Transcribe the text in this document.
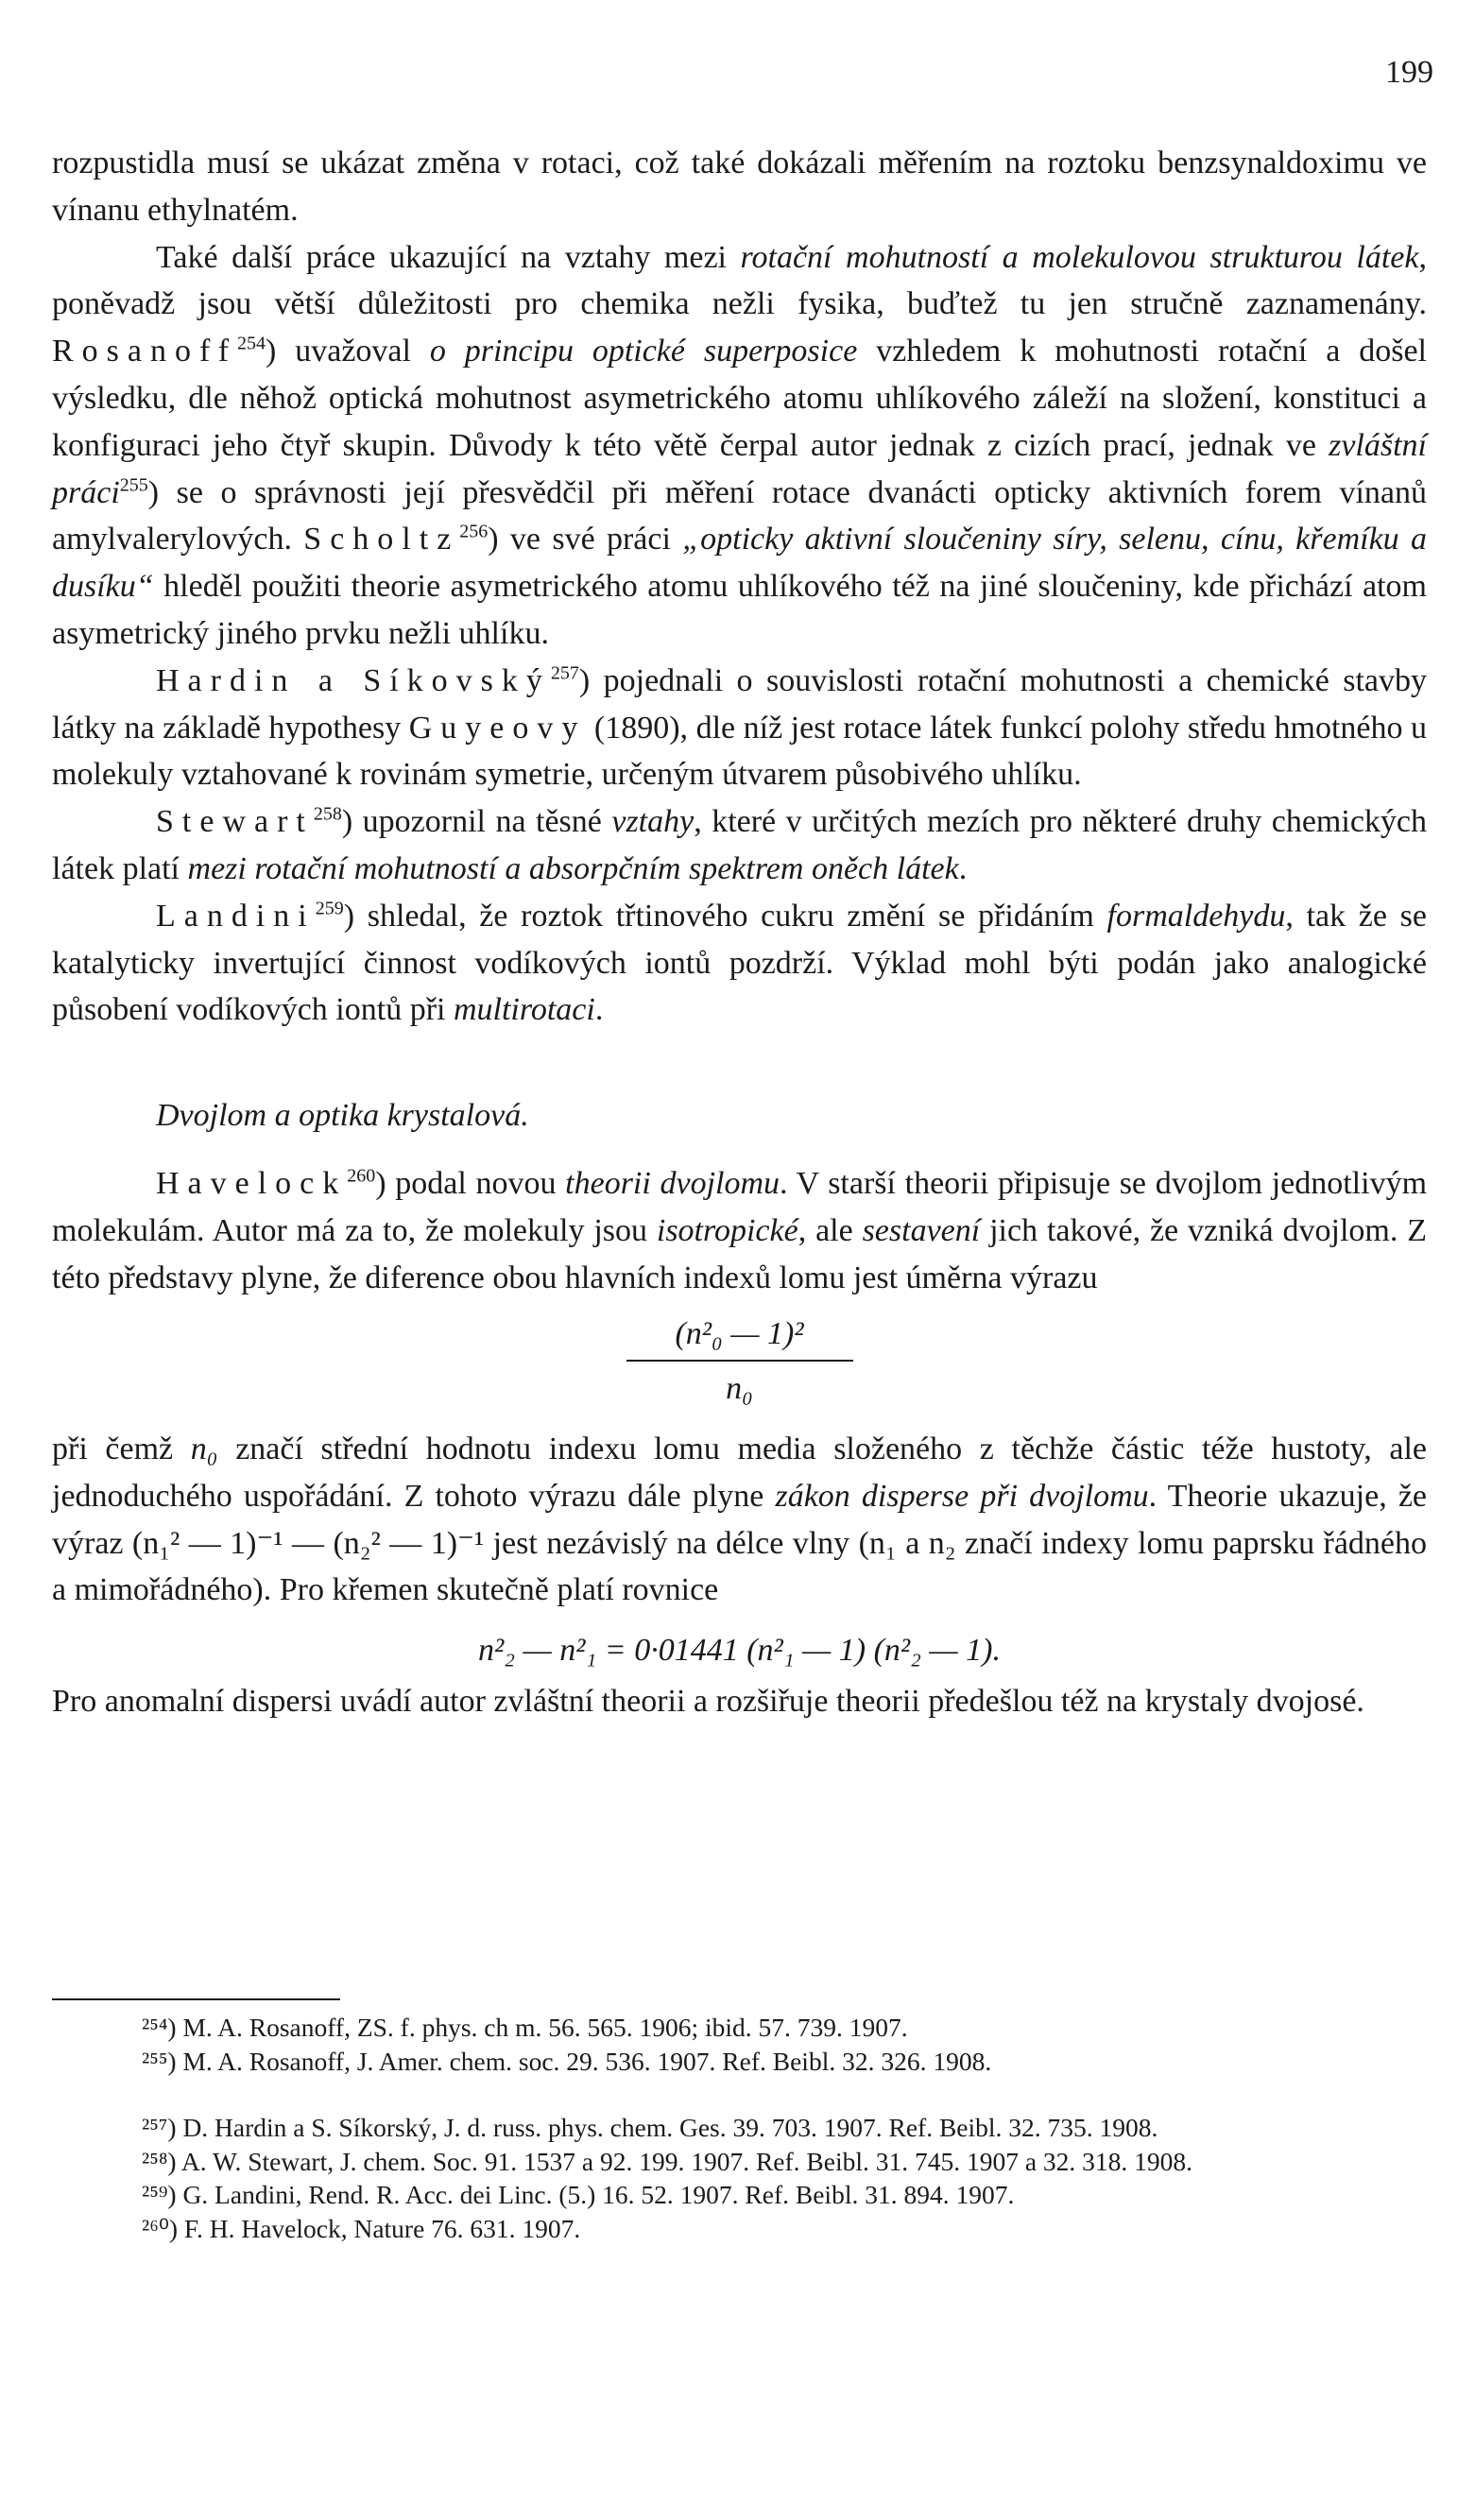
199

rozpustidla musí se ukázat změna v rotaci, což také dokázali měřením na roztoku benzsynaldoximu ve vínanu ethylnatém.

Také další práce ukazující na vztahy mezi rotační mohutností a molekulovou strukturou látek, poněvadž jsou větší důležitosti pro chemika nežli fysika, buďtež tu jen stručně zaznamenány. Rosanoff$^{254}$) uvažoval o principu optické superposice vzhledem k mohutnosti rotační a došel výsledku, dle něhož optická mohutnost asymetrického atomu uhlíkového záleží na složení, konstituci a konfiguraci jeho čtyř skupin. Důvody k této větě čerpal autor jednak z cizích prací, jednak ve zvláštní práci$^{255}$) se o správnosti její přesvědčil při měření rotace dvanácti opticky aktivních forem vínanů amylvalerylových. Scholtz$^{256}$) ve své práci „opticky aktivní sloučeniny síry, selenu, cínu, křemíku a dusíku“ hleděl použiti theorie asymetrického atomu uhlíkového též na jiné sloučeniny, kde přichází atom asymetrický jiného prvku nežli uhlíku.

Hardin a Síkovský$^{257}$) pojednali o souvislosti rotační mohutnosti a chemické stavby látky na základě hypothesy Guyeovy (1890), dle níž jest rotace látek funkcí polohy středu hmotného u molekuly vztahované k rovinám symetrie, určeným útvarem působivého uhlíku.

Stewart$^{258}$) upozornil na těsné vztahy, které v určitých mezích pro některé druhy chemických látek platí mezi rotační mohutností a absorpčním spektrem oněch látek.

Landini$^{259}$) shledal, že roztok třtinového cukru změní se přidáním formaldehydu, tak že se katalyticky invertující činnost vodíkových iontů pozdrží. Výklad mohl býti podán jako analogické působení vodíkových iontů při multirotaci.

Dvojlom a optika krystalová.

Havelock$^{260}$) podal novou theorii dvojlomu. V starší theorii připisuje se dvojlom jednotlivým molekulám. Autor má za to, že molekuly jsou isotropické, ale sestavení jich takové, že vzniká dvojlom. Z této představy plyne, že diference obou hlavních indexů lomu jest úměrna výrazu

(n²₀ — 1)²
n₀

při čemž n₀ značí střední hodnotu indexu lomu media složeného z těchže částic téže hustoty, ale jednoduchého uspořádání. Z tohoto výrazu dále plyne zákon disperse při dvojlomu. Theorie ukazuje, že výraz (n₁² — 1)⁻¹ — (n₂² — 1)⁻¹ jest nezávislý na délce vlny (n₁ a n₂ značí indexy lomu paprsku řádného a mimořádného). Pro křemen skutečně platí rovnice

n²₂ — n²₁ = 0·01441 (n²₁ — 1) (n²₂ — 1).

Pro anomalní dispersi uvádí autor zvláštní theorii a rozšiřuje theorii předešlou též na krystaly dvojosé.

²⁵⁴) M. A. Rosanoff, ZS. f. phys. ch m. 56. 565. 1906; ibid. 57. 739. 1907.

²⁵⁵) M. A. Rosanoff, J. Amer. chem. soc. 29. 536. 1907. Ref. Beibl. 32. 326. 1908.

²⁵⁷) D. Hardin a S. Síkorský, J. d. russ. phys. chem. Ges. 39. 703. 1907. Ref. Beibl. 32. 735. 1908.

²⁵⁸) A. W. Stewart, J. chem. Soc. 91. 1537 a 92. 199. 1907. Ref. Beibl. 31. 745. 1907 a 32. 318. 1908.

²⁵⁹) G. Landini, Rend. R. Acc. dei Linc. (5.) 16. 52. 1907. Ref. Beibl. 31. 894. 1907.

²⁶⁰) F. H. Havelock, Nature 76. 631. 1907.
